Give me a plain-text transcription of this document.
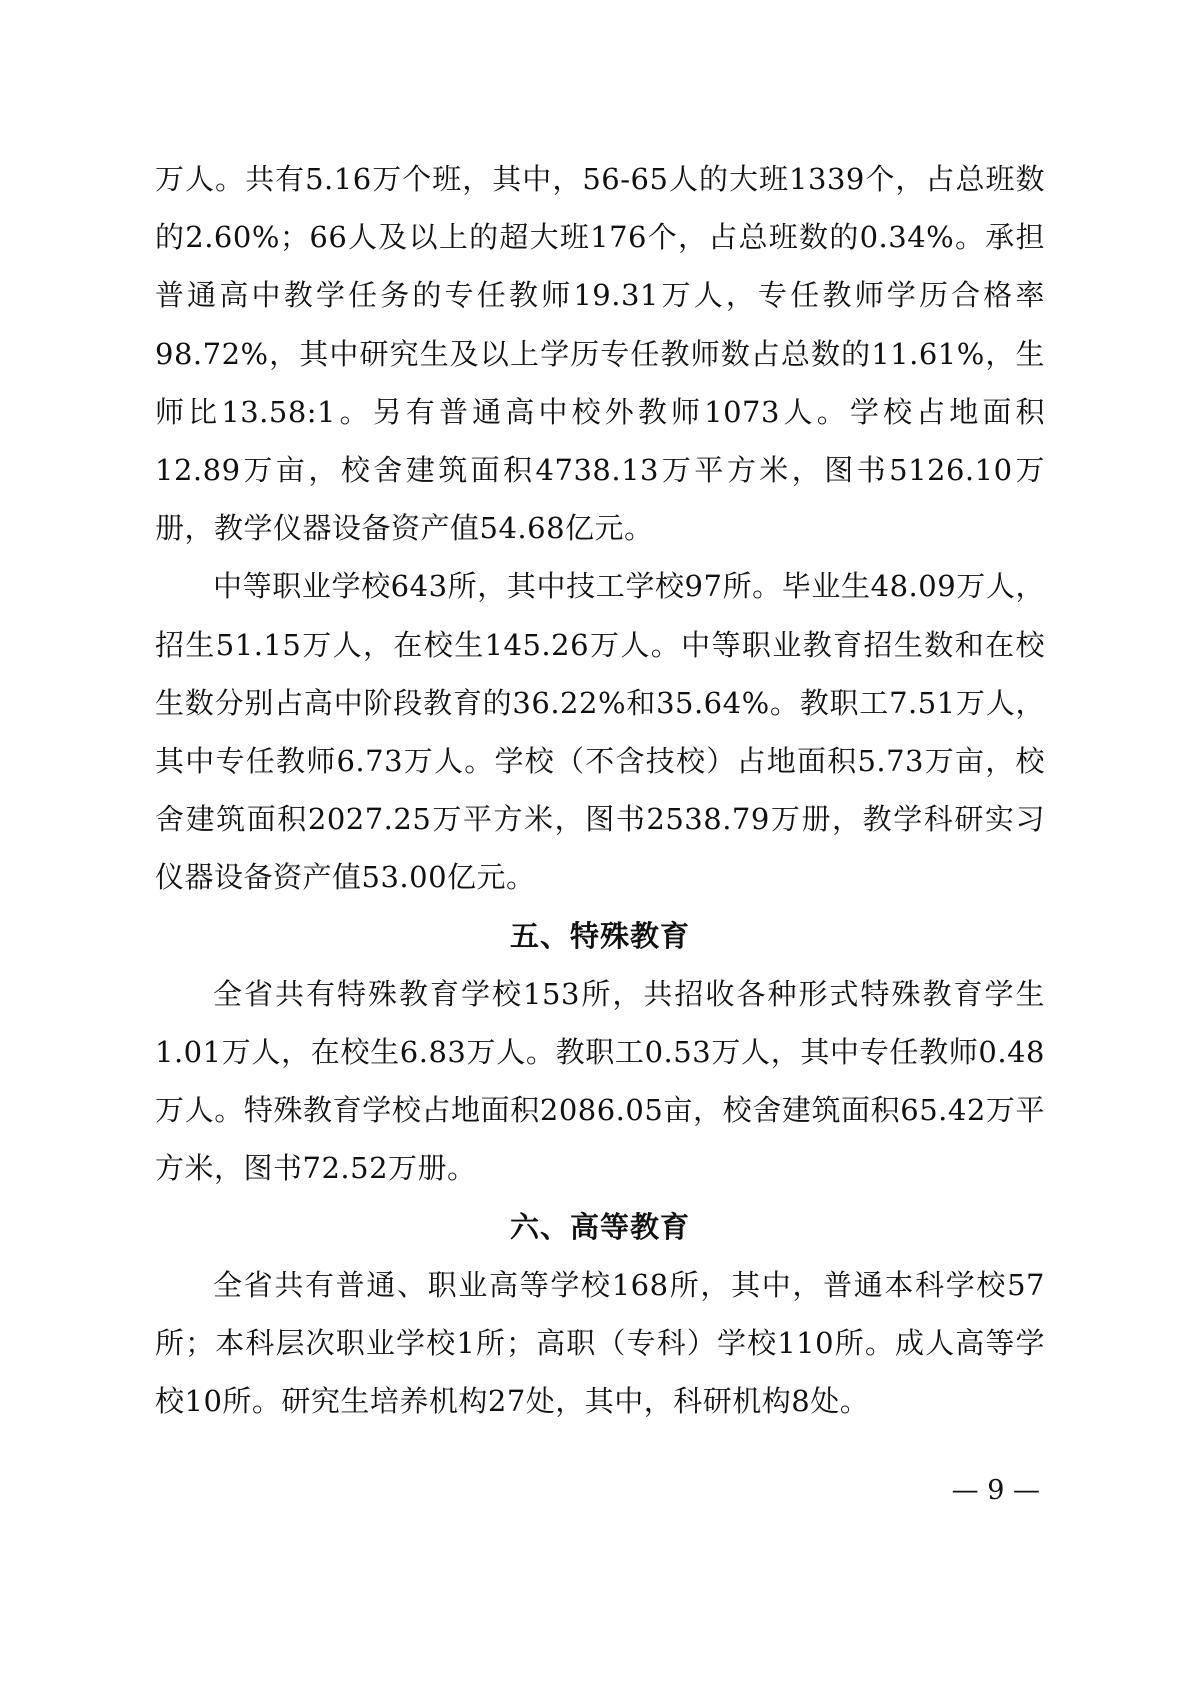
万人。共有5.16万个班，其中，56-65人的大班1339个，占总班数的2.60%；66人及以上的超大班176个，占总班数的0.34%。承担普通高中教学任务的专任教师19.31万人，专任教师学历合格率98.72%，其中研究生及以上学历专任教师数占总数的11.61%，生师比13.58:1。另有普通高中校外教师1073人。学校占地面积12.89万亩，校舍建筑面积4738.13万平方米，图书5126.10万册，教学仪器设备资产值54.68亿元。

中等职业学校643所，其中技工学校97所。毕业生48.09万人，招生51.15万人，在校生145.26万人。中等职业教育招生数和在校生数分别占高中阶段教育的36.22%和35.64%。教职工7.51万人，其中专任教师6.73万人。学校（不含技校）占地面积5.73万亩，校舍建筑面积2027.25万平方米，图书2538.79万册，教学科研实习仪器设备资产值53.00亿元。

五、特殊教育

全省共有特殊教育学校153所，共招收各种形式特殊教育学生1.01万人，在校生6.83万人。教职工0.53万人，其中专任教师0.48万人。特殊教育学校占地面积2086.05亩，校舍建筑面积65.42万平方米，图书72.52万册。

六、高等教育

全省共有普通、职业高等学校168所，其中，普通本科学校57所；本科层次职业学校1所；高职（专科）学校110所。成人高等学校10所。研究生培养机构27处，其中，科研机构8处。

— 9 —
